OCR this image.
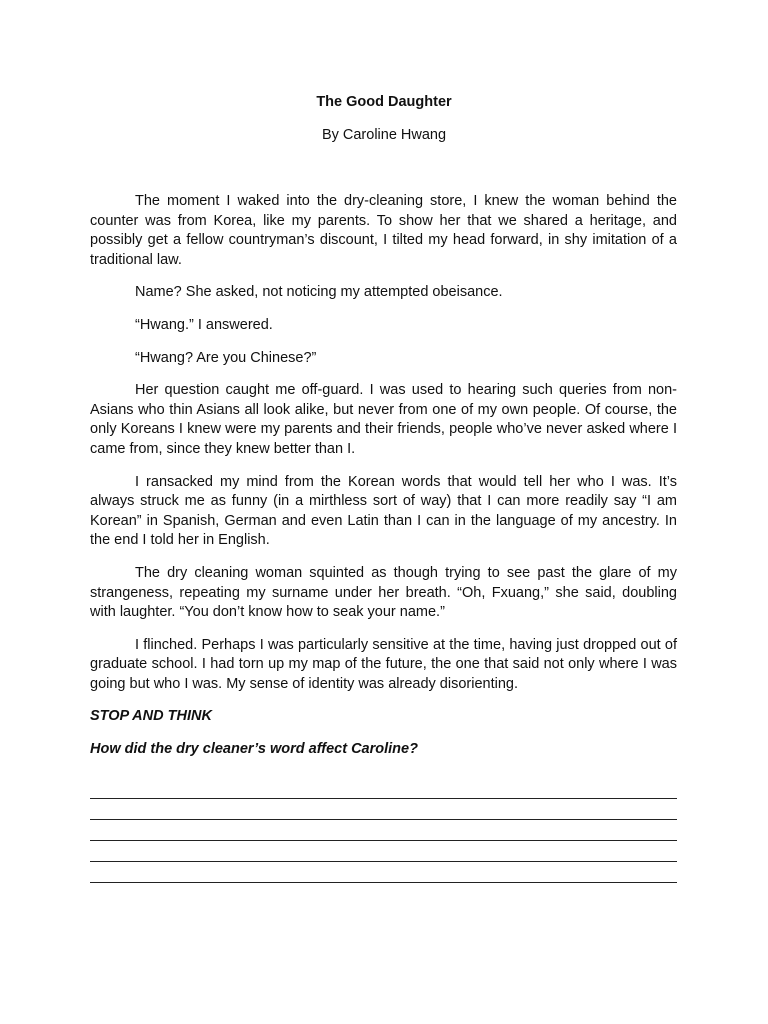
The Good Daughter
By Caroline Hwang

The moment I waked into the dry-cleaning store, I knew the woman behind the counter was from Korea, like my parents. To show her that we shared a heritage, and possibly get a fellow countryman’s discount, I tilted my head forward, in shy imitation of a traditional law.

Name? She asked, not noticing my attempted obeisance.

“Hwang.” I answered.

“Hwang? Are you Chinese?”

Her question caught me off-guard. I was used to hearing such queries from non-Asians who thin Asians all look alike, but never from one of my own people. Of course, the only Koreans I knew were my parents and their friends, people who’ve never asked where I came from, since they knew better than I.

I ransacked my mind from the Korean words that would tell her who I was. It’s always struck me as funny (in a mirthless sort of way) that I can more readily say “I am Korean” in Spanish, German and even Latin than I can in the language of my ancestry. In the end I told her in English.

The dry cleaning woman squinted as though trying to see past the glare of my strangeness, repeating my surname under her breath. “Oh, Fxuang,” she said, doubling with laughter. “You don’t know how to seak your name.”

I flinched. Perhaps I was particularly sensitive at the time, having just dropped out of graduate school. I had torn up my map of the future, the one that said not only where I was going but who I was. My sense of identity was already disorienting.

STOP AND THINK
How did the dry cleaner’s word affect Caroline?
